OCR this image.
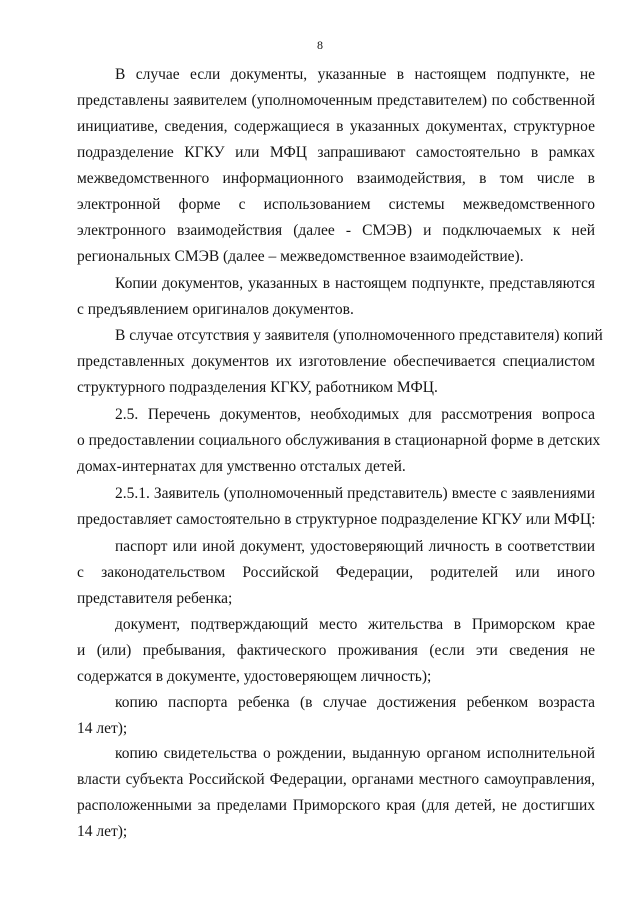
8
В случае если документы, указанные в настоящем подпункте, не
представлены заявителем (уполномоченным представителем) по собственной
инициативе, сведения, содержащиеся в указанных документах, структурное
подразделение КГКУ или МФЦ запрашивают самостоятельно в рамках
межведомственного информационного взаимодействия, в том числе в
электронной форме с использованием системы межведомственного
электронного взаимодействия (далее - СМЭВ) и подключаемых к ней
региональных СМЭВ (далее – межведомственное взаимодействие).
Копии документов, указанных в настоящем подпункте, представляются
с предъявлением оригиналов документов.
В случае отсутствия у заявителя (уполномоченного представителя) копий
представленных документов их изготовление обеспечивается специалистом
структурного подразделения КГКУ, работником МФЦ.
2.5. Перечень документов, необходимых для рассмотрения вопроса
о предоставлении социального обслуживания в стационарной форме в детских
домах-интернатах для умственно отсталых детей.
2.5.1. Заявитель (уполномоченный представитель) вместе с заявлениями
предоставляет самостоятельно в структурное подразделение КГКУ или МФЦ:
паспорт или иной документ, удостоверяющий личность в соответствии
с законодательством Российской Федерации, родителей или иного
представителя ребенка;
документ, подтверждающий место жительства в Приморском крае
и (или) пребывания, фактического проживания (если эти сведения не
содержатся в документе, удостоверяющем личность);
копию паспорта ребенка (в случае достижения ребенком возраста
14 лет);
копию свидетельства о рождении, выданную органом исполнительной
власти субъекта Российской Федерации, органами местного самоуправления,
расположенными за пределами Приморского края (для детей, не достигших
14 лет);
